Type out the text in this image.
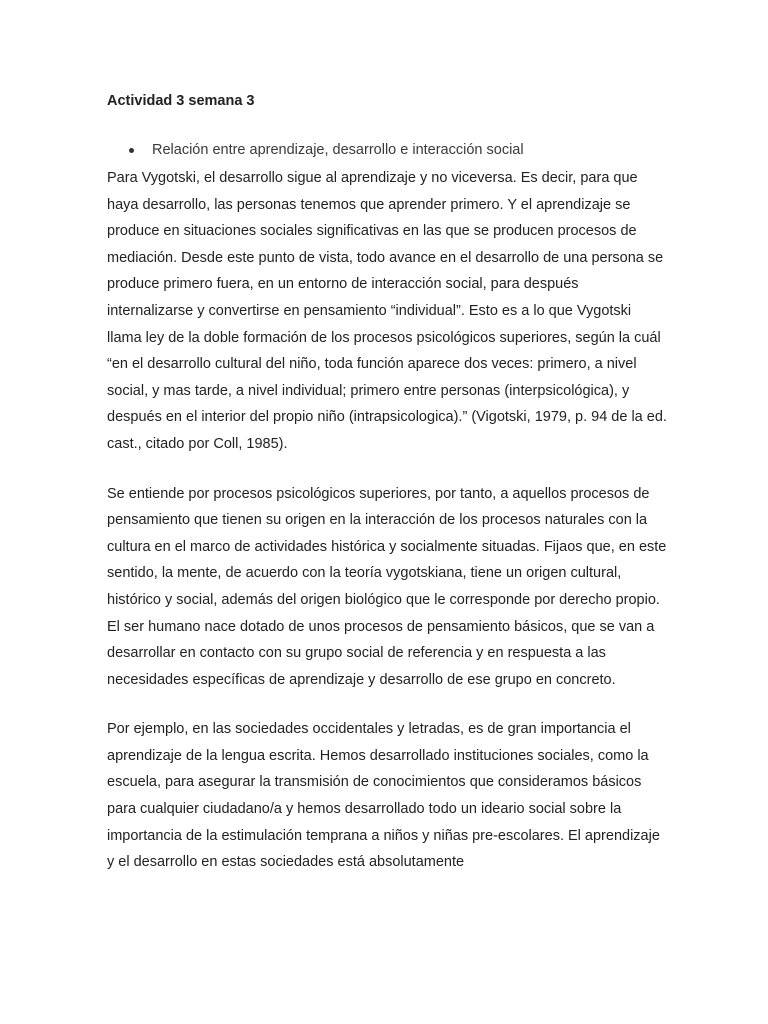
Actividad 3 semana 3
Relación entre aprendizaje, desarrollo e interacción social

Para Vygotski, el desarrollo sigue al aprendizaje y no viceversa. Es decir, para que haya desarrollo, las personas tenemos que aprender primero. Y el aprendizaje se produce en situaciones sociales significativas en las que se producen procesos de mediación. Desde este punto de vista, todo avance en el desarrollo de una persona se produce primero fuera, en un entorno de interacción social, para después internalizarse y convertirse en pensamiento “individual”. Esto es a lo que Vygotski llama ley de la doble formación de los procesos psicológicos superiores, según la cuál “en el desarrollo cultural del niño, toda función aparece dos veces: primero, a nivel social, y mas tarde, a nivel individual; primero entre personas (interpsicológica), y después en el interior del propio niño (intrapsicologica).” (Vigotski, 1979, p. 94 de la ed. cast., citado por Coll, 1985).

Se entiende por procesos psicológicos superiores, por tanto, a aquellos procesos de pensamiento que tienen su origen en la interacción de los procesos naturales con la cultura en el marco de actividades histórica y socialmente situadas. Fijaos que, en este sentido, la mente, de acuerdo con la teoría vygotskiana, tiene un origen cultural, histórico y social, además del origen biológico que le corresponde por derecho propio. El ser humano nace dotado de unos procesos de pensamiento básicos, que se van a desarrollar en contacto con su grupo social de referencia y en respuesta a las necesidades específicas de aprendizaje y desarrollo de ese grupo en concreto.

Por ejemplo, en las sociedades occidentales y letradas, es de gran importancia el aprendizaje de la lengua escrita. Hemos desarrollado instituciones sociales, como la escuela, para asegurar la transmisión de conocimientos que consideramos básicos para cualquier ciudadano/a y hemos desarrollado todo un ideario social sobre la importancia de la estimulación temprana a niños y niñas pre-escolares. El aprendizaje y el desarrollo en estas sociedades está absolutamente
